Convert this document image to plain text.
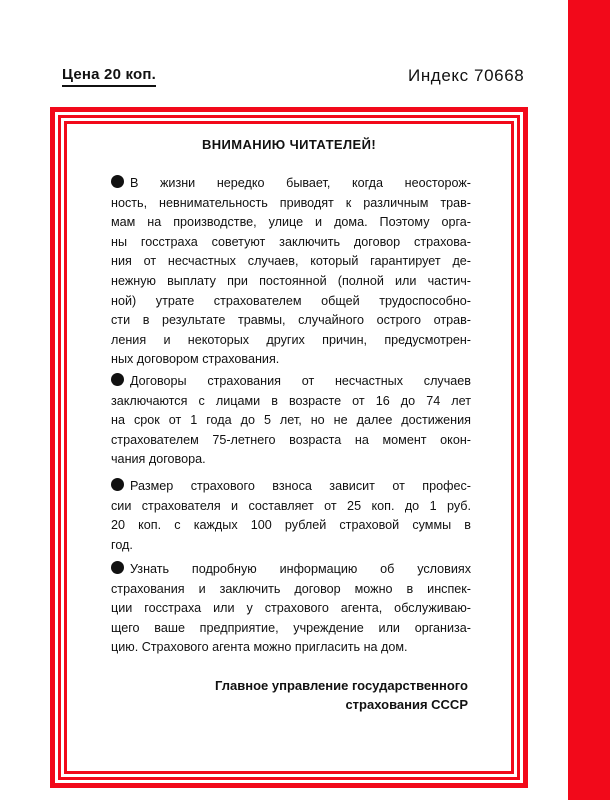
Цена 20 коп.	Индекс 70668
ВНИМАНИЮ ЧИТАТЕЛЕЙ!

В жизни нередко бывает, когда неосторож-
ность, невнимательность приводят к различным трав-
мам на производстве, улице и дома. Поэтому орга-
ны госстраха советуют заключить договор страхова-
ния от несчастных случаев, который гарантирует де-
нежную выплату при постоянной (полной или частич-
ной) утрате страхователем общей трудоспособно-
сти в результате травмы, случайного острого отрав-
ления и некоторых других причин, предусмотрен-
ных договором страхования.

Договоры страхования от несчастных случаев
заключаются с лицами в возрасте от 16 до 74 лет
на срок от 1 года до 5 лет, но не далее достижения
страхователем 75-летнего возраста на момент окон-
чания договора.

Размер страхового взноса зависит от профес-
сии страхователя и составляет от 25 коп. до 1 руб.
20 коп. с каждых 100 рублей страховой суммы в
год.

Узнать подробную информацию об условиях
страхования и заключить договор можно в инспек-
ции госстраха или у страхового агента, обслуживаю-
щего ваше предприятие, учреждение или организа-
цию. Страхового агента можно пригласить на дом.

Главное управление государственного
страхования СССР
